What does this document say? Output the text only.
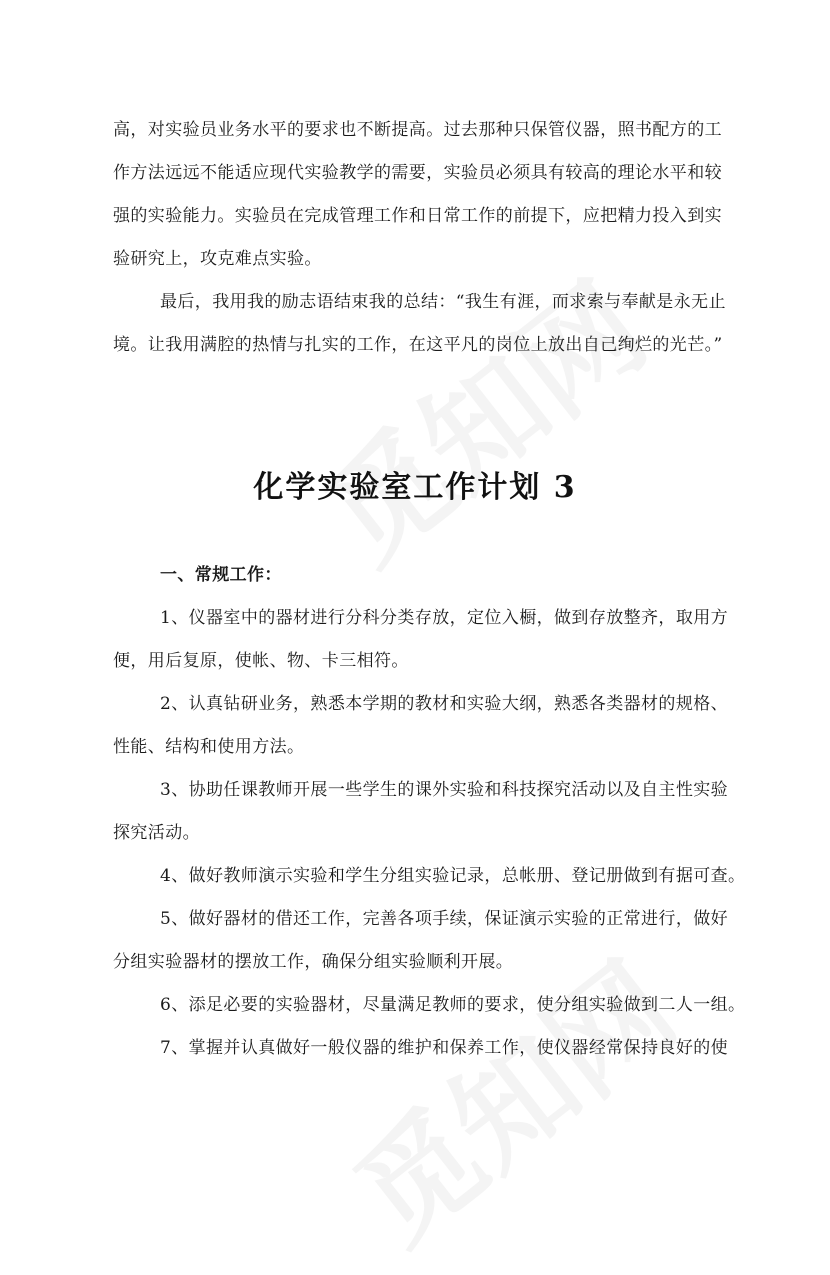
高，对实验员业务水平的要求也不断提高。过去那种只保管仪器，照书配方的工
作方法远远不能适应现代实验教学的需要，实验员必须具有较高的理论水平和较
强的实验能力。实验员在完成管理工作和日常工作的前提下，应把精力投入到实
验研究上，攻克难点实验。
最后，我用我的励志语结束我的总结：“我生有涯，而求索与奉献是永无止
境。让我用满腔的热情与扎实的工作，在这平凡的岗位上放出自己绚烂的光芒。”
化学实验室工作计划 3
一、常规工作：
1、仪器室中的器材进行分科分类存放，定位入橱，做到存放整齐，取用方
便，用后复原，使帐、物、卡三相符。
2、认真钻研业务，熟悉本学期的教材和实验大纲，熟悉各类器材的规格、
性能、结构和使用方法。
3、协助任课教师开展一些学生的课外实验和科技探究活动以及自主性实验
探究活动。
4、做好教师演示实验和学生分组实验记录，总帐册、登记册做到有据可查。
5、做好器材的借还工作，完善各项手续，保证演示实验的正常进行，做好
分组实验器材的摆放工作，确保分组实验顺利开展。
6、添足必要的实验器材，尽量满足教师的要求，使分组实验做到二人一组。
7、掌握并认真做好一般仪器的维护和保养工作，使仪器经常保持良好的使
